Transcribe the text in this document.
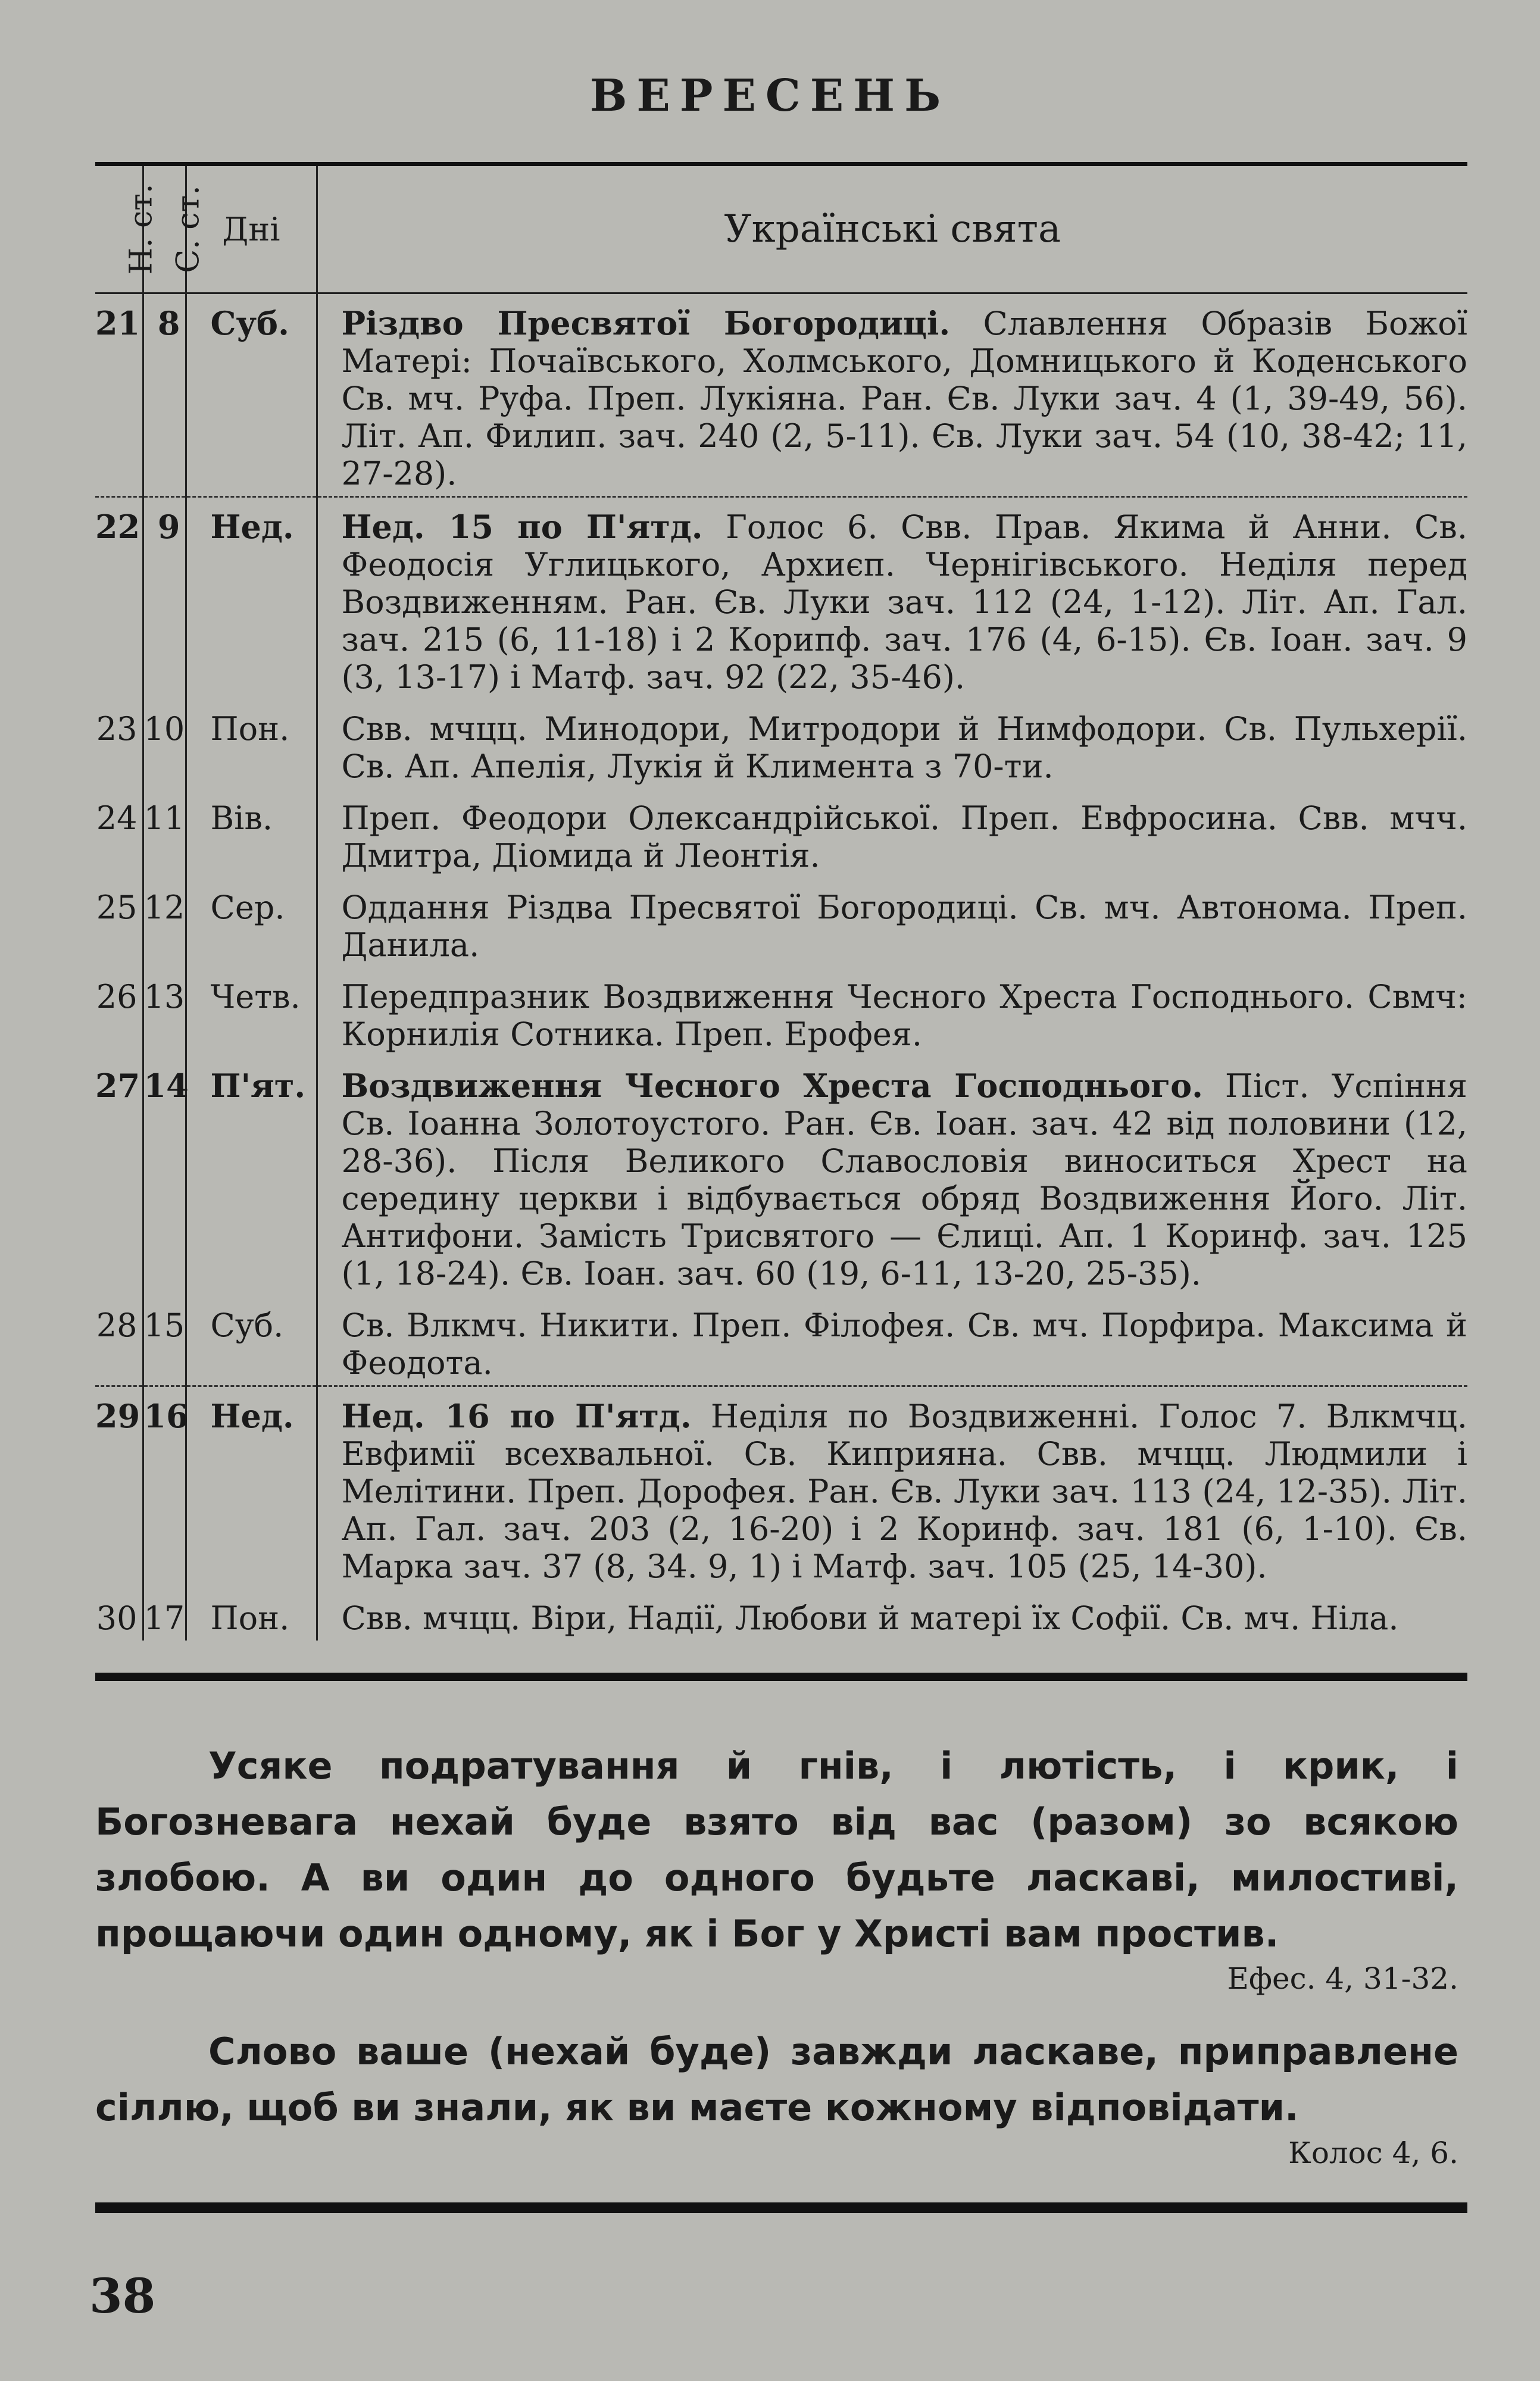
ВЕРЕСЕНЬ
Н. ст.	С. ст.	Дні	Українські свята
21	8	Суб.	Різдво Пресвятої Богородиці. Славлення Образів Божої Матері: Почаївського, Холмського, Домницького й Коденського Св. мч. Руфа. Преп. Лукіяна. Ран. Єв. Луки зач. 4 (1, 39-49, 56). Літ. Ап. Филип. зач. 240 (2, 5-11). Єв. Луки зач. 54 (10, 38-42; 11, 27-28).
22	9	Нед.	Нед. 15 по П'ятд. Голос 6. Свв. Прав. Якима й Анни. Св. Феодосія Углицького, Архиєп. Чернігівського. Неділя перед Воздвиженням. Ран. Єв. Луки зач. 112 (24, 1-12). Літ. Ап. Гал. зач. 215 (6, 11-18) і 2 Корипф. зач. 176 (4, 6-15). Єв. Іоан. зач. 9 (3, 13-17) і Матф. зач. 92 (22, 35-46).
23	10	Пон.	Свв. мчцц. Минодори, Митродори й Нимфодори. Св. Пульхерії. Св. Ап. Апелія, Лукія й Климента з 70-ти.
24	11	Вів.	Преп. Феодори Олександрійської. Преп. Евфросина. Свв. мчч. Дмитра, Діомида й Леонтія.
25	12	Сер.	Оддання Різдва Пресвятої Богородиці. Св. мч. Автонома. Преп. Данила.
26	13	Четв.	Передпразник Воздвиження Чесного Хреста Господнього. Свмч: Корнилія Сотника. Преп. Ерофея.
27	14	П'ят.	Воздвиження Чесного Хреста Господнього. Піст. Успіння Св. Іоанна Золотоустого. Ран. Єв. Іоан. зач. 42 від половини (12, 28-36). Після Великого Славословія виноситься Хрест на середину церкви і відбувається обряд Воздвиження Його. Літ. Антифони. Замість Трисвятого — Єлиці. Ап. 1 Коринф. зач. 125 (1, 18-24). Єв. Іоан. зач. 60 (19, 6-11, 13-20, 25-35).
28	15	Суб.	Св. Влкмч. Никити. Преп. Філофея. Св. мч. Порфира. Максима й Феодота.
29	16	Нед.	Нед. 16 по П'ятд. Неділя по Воздвиженні. Голос 7. Влкмчц. Евфимії всехвальної. Св. Киприяна. Свв. мчцц. Людмили і Мелітини. Преп. Дорофея. Ран. Єв. Луки зач. 113 (24, 12-35). Літ. Ап. Гал. зач. 203 (2, 16-20) і 2 Коринф. зач. 181 (6, 1-10). Єв. Марка зач. 37 (8, 34. 9, 1) і Матф. зач. 105 (25, 14-30).
30	17	Пон.	Свв. мчцц. Віри, Надії, Любови й матері їх Софії. Св. мч. Ніла.
Усяке подратування й гнів, і лютість, і крик, і Богозневага нехай буде взято від вас (разом) зо всякою злобою. А ви один до одного будьте ласкаві, милостиві, прощаючи один одному, як і Бог у Христі вам простив.
Ефес. 4, 31-32.
Слово ваше (нехай буде) завжди ласкаве, приправлене сіллю, щоб ви знали, як ви маєте кожному відповідати.
Колос 4, 6.
38
